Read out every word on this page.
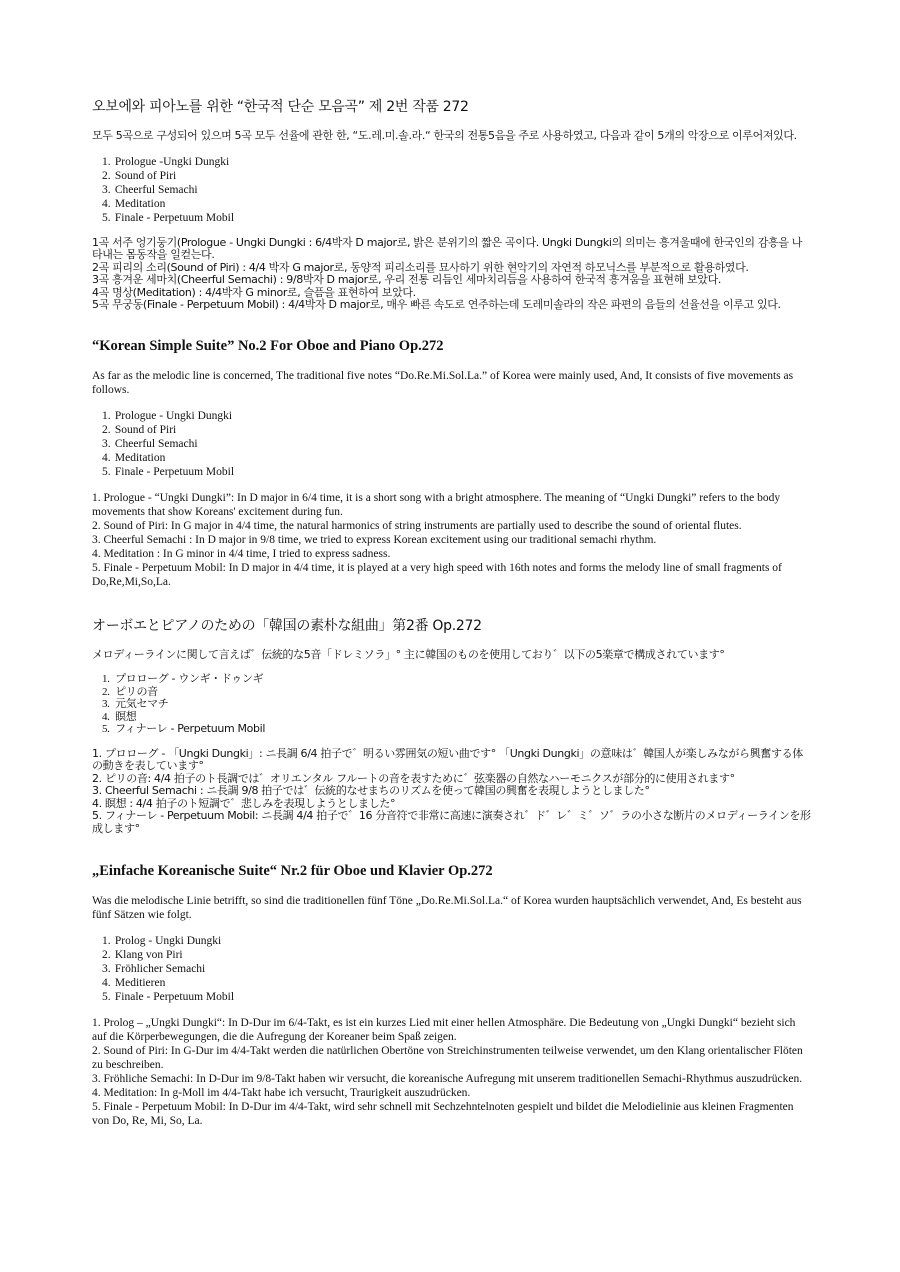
오보에와 피아노를 위한 “한국적 단순 모음곡” 제 2번 작품 272

모두 5곡으로 구성되어 있으며 5곡 모두 선율에 관한 한, “도.레.미.솔.라.“ 한국의 전통5음을 주로 사용하였고, 다음과 같이 5개의 악장으로 이루어져있다.

1. Prologue -Ungki Dungki
2. Sound of Piri
3. Cheerful Semachi
4. Meditation
5. Finale - Perpetuum Mobil

1곡 서주 엉기둥기(Prologue - Ungki Dungki : 6/4박자 D major로, 밝은 분위기의 짧은 곡이다. Ungki Dungki의 의미는 흥겨울때에 한국인의 감흥을 나타내는 몸동작을 일컫는다.

2곡 피리의 소리(Sound of Piri) : 4/4 박자 G major로, 동양적 피리소리를 묘사하기 위한 현악기의 자연적 하모닉스를 부분적으로 활용하였다.

3곡 흥겨운 세마치(Cheerful Semachi) : 9/8박자 D major로, 우리 전통 리듬인 세마치리듬을 사용하여 한국적 흥겨움을 표현해 보았다.

4곡 명상(Meditation) : 4/4박자 G minor로, 슬픔을 표현하여 보았다.

5곡 무궁동(Finale - Perpetuum Mobil) : 4/4박자 D major로, 매우 빠른 속도로 연주하는데 도레미솔라의 작은 파편의 음들의 선율선을 이루고 있다.

“Korean Simple Suite” No.2 For Oboe and Piano Op.272

As far as the melodic line is concerned, The traditional five notes “Do.Re.Mi.Sol.La.” of Korea were mainly used, And, It consists of five movements as follows.

1. Prologue - Ungki Dungki
2. Sound of Piri
3. Cheerful Semachi
4. Meditation
5. Finale - Perpetuum Mobil

1. Prologue - “Ungki Dungki”: In D major in 6/4 time, it is a short song with a bright atmosphere. The meaning of “Ungki Dungki” refers to the body movements that show Koreans' excitement during fun.

2. Sound of Piri: In G major in 4/4 time, the natural harmonics of string instruments are partially used to describe the sound of oriental flutes.

3. Cheerful Semachi : In D major in 9/8 time, we tried to express Korean excitement using our traditional semachi rhythm.

4. Meditation : In G minor in 4/4 time, I tried to express sadness.

5. Finale - Perpetuum Mobil: In D major in 4/4 time, it is played at a very high speed with 16th notes and forms the melody line of small fragments of Do,Re,Mi,So,La.

オーボエとピアノのための「韓国の素朴な組曲」第2番 Op.272

メロディーラインに関して言えば゛伝統的な5音「ドレミソラ」° 主に韓国のものを使用しており゛以下の5楽章で構成されています°

1. プロローグ - ウンギ・ドゥンギ
2. ピリの音
3. 元気セマチ
4. 瞑想
5. フィナーレ - Perpetuum Mobil

1. プロローグ - 「Ungki Dungki」: ニ長調 6/4 拍子で゛明るい雰囲気の短い曲です° 「Ungki Dungki」の意味は゛韓国人が楽しみながら興奮する体の動きを表しています°

2. ピリの音: 4/4 拍子のト長調では゛オリエンタル フルートの音を表すために゛弦楽器の自然なハーモニクスが部分的に使用されます°

3. Cheerful Semachi : ニ長調 9/8 拍子では゛伝統的なせまちのリズムを使って韓国の興奮を表現しようとしました°

4. 瞑想 : 4/4 拍子のト短調で゛悲しみを表現しようとしました°

5. フィナーレ - Perpetuum Mobil: ニ長調 4/4 拍子で゛16 分音符で非常に高速に演奏され゛ド゛レ゛ミ゛ソ゛ラの小さな断片のメロディーラインを形成します°

„Einfache Koreanische Suite“ Nr.2 für Oboe und Klavier Op.272

Was die melodische Linie betrifft, so sind die traditionellen fünf Töne „Do.Re.Mi.Sol.La.“ of Korea wurden hauptsächlich verwendet, And, Es besteht aus fünf Sätzen wie folgt.

1. Prolog - Ungki Dungki
2. Klang von Piri
3. Fröhlicher Semachi
4. Meditieren
5. Finale - Perpetuum Mobil

1. Prolog – „Ungki Dungki“: In D-Dur im 6/4-Takt, es ist ein kurzes Lied mit einer hellen Atmosphäre. Die Bedeutung von „Ungki Dungki“ bezieht sich auf die Körperbewegungen, die die Aufregung der Koreaner beim Spaß zeigen.

2. Sound of Piri: In G-Dur im 4/4-Takt werden die natürlichen Obertöne von Streichinstrumenten teilweise verwendet, um den Klang orientalischer Flöten zu beschreiben.

3. Fröhliche Semachi: In D-Dur im 9/8-Takt haben wir versucht, die koreanische Aufregung mit unserem traditionellen Semachi-Rhythmus auszudrücken.

4. Meditation: In g-Moll im 4/4-Takt habe ich versucht, Traurigkeit auszudrücken.

5. Finale - Perpetuum Mobil: In D-Dur im 4/4-Takt, wird sehr schnell mit Sechzehntelnoten gespielt und bildet die Melodielinie aus kleinen Fragmenten von Do, Re, Mi, So, La.
